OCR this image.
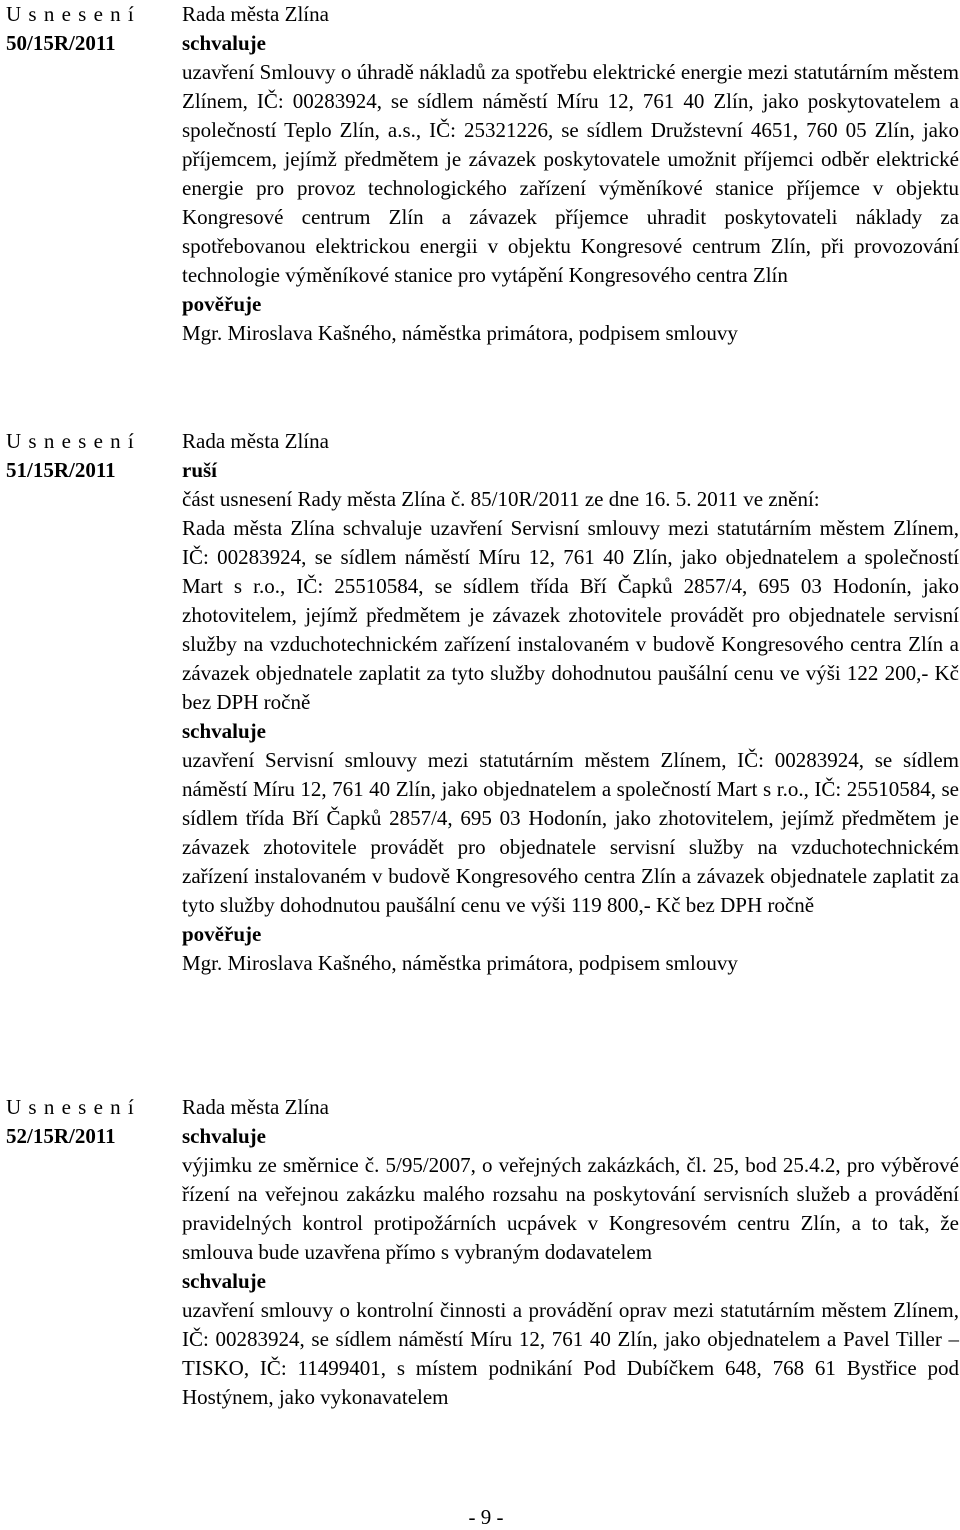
U s n e s e n í
50/15R/2011
Rada města Zlína
schvaluje

uzavření Smlouvy o úhradě nákladů za spotřebu elektrické energie mezi statutárním městem Zlínem, IČ: 00283924, se sídlem náměstí Míru 12, 761 40 Zlín, jako poskytovatelem a společností Teplo Zlín, a.s., IČ: 25321226, se sídlem Družstevní 4651, 760 05 Zlín, jako příjemcem, jejímž předmětem je závazek poskytovatele umožnit příjemci odběr elektrické energie pro provoz technologického zařízení výměníkové stanice příjemce v objektu Kongresové centrum Zlín a závazek příjemce uhradit poskytovateli náklady za spotřebovanou elektrickou energii v objektu Kongresové centrum Zlín, při provozování technologie výměníkové stanice pro vytápění Kongresového centra Zlín

pověřuje
Mgr. Miroslava Kašného, náměstka primátora, podpisem smlouvy
U s n e s e n í
51/15R/2011
Rada města Zlína
ruší
část usnesení Rady města Zlína č. 85/10R/2011 ze dne 16. 5. 2011 ve znění:

Rada města Zlína schvaluje uzavření Servisní smlouvy mezi statutárním městem Zlínem, IČ: 00283924, se sídlem náměstí Míru 12, 761 40 Zlín, jako objednatelem a společností Mart s r.o., IČ: 25510584, se sídlem třída Bří Čapků 2857/4, 695 03 Hodonín, jako zhotovitelem, jejímž předmětem je závazek zhotovitele provádět pro objednatele servisní služby na vzduchotechnickém zařízení instalovaném v budově Kongresového centra Zlín a závazek objednatele zaplatit za tyto služby dohodnutou paušální cenu ve výši 122 200,- Kč bez DPH ročně

schvaluje

uzavření Servisní smlouvy mezi statutárním městem Zlínem, IČ: 00283924, se sídlem náměstí Míru 12, 761 40 Zlín, jako objednatelem a společností Mart s r.o., IČ: 25510584, se sídlem třída Bří Čapků 2857/4, 695 03 Hodonín, jako zhotovitelem, jejímž předmětem je závazek zhotovitele provádět pro objednatele servisní služby na vzduchotechnickém zařízení instalovaném v budově Kongresového centra Zlín a závazek objednatele zaplatit za tyto služby dohodnutou paušální cenu ve výši 119 800,- Kč bez DPH ročně

pověřuje
Mgr. Miroslava Kašného, náměstka primátora, podpisem smlouvy
U s n e s e n í
52/15R/2011
Rada města Zlína
schvaluje

výjimku ze směrnice č. 5/95/2007, o veřejných zakázkách, čl. 25, bod 25.4.2, pro výběrové řízení na veřejnou zakázku malého rozsahu na poskytování servisních služeb a provádění pravidelných kontrol protipožárních ucpávek v Kongresovém centru Zlín, a to tak, že smlouva bude uzavřena přímo s vybraným dodavatelem

schvaluje

uzavření smlouvy o kontrolní činnosti a provádění oprav mezi statutárním městem Zlínem, IČ: 00283924, se sídlem náměstí Míru 12, 761 40 Zlín, jako objednatelem a Pavel Tiller – TISKO, IČ: 11499401, s místem podnikání Pod Dubíčkem 648, 768 61 Bystřice pod Hostýnem, jako vykonavatelem

- 9 -
